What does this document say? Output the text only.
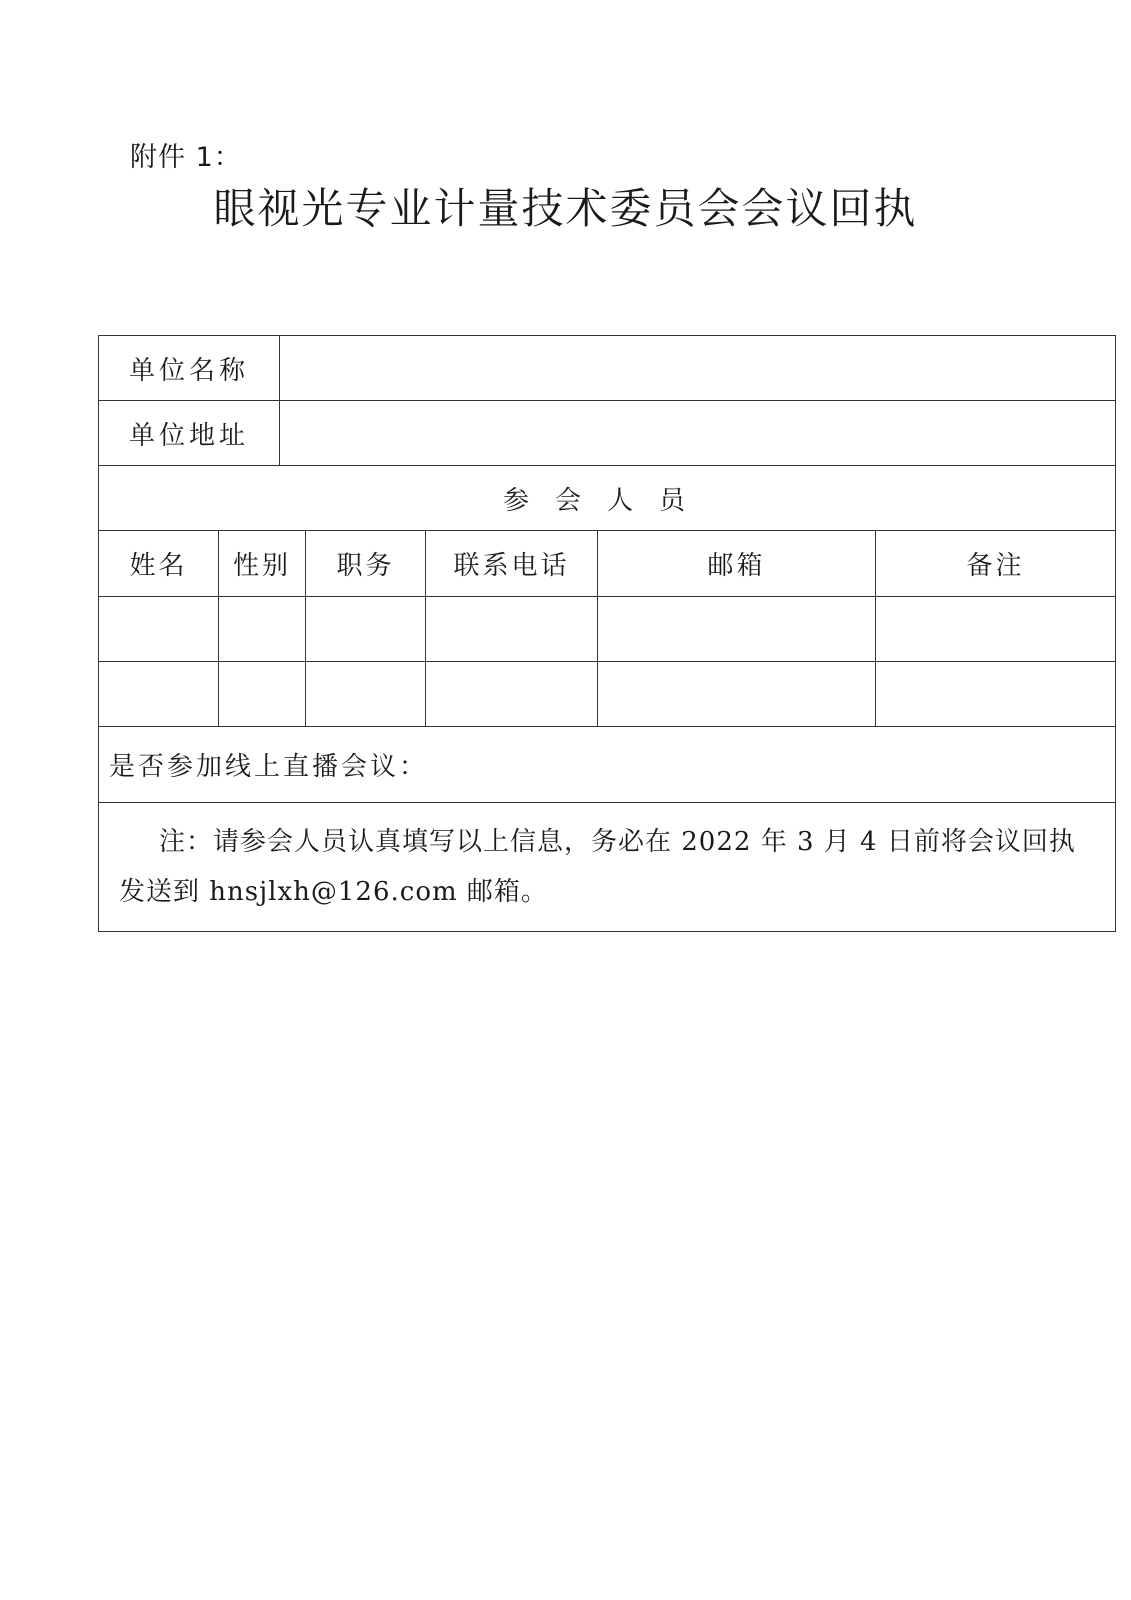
附件 1：
眼视光专业计量技术委员会会议回执
单位名称						
单位地址						
参会人员						
姓名	性别		职务	联系电话	邮箱	备注

是否参加线上直播会议：						

注：请参会人员认真填写以上信息，务必在 2022 年 3 月 4 日前将会议回执
发送到 hnsjlxh@126.com 邮箱。						
